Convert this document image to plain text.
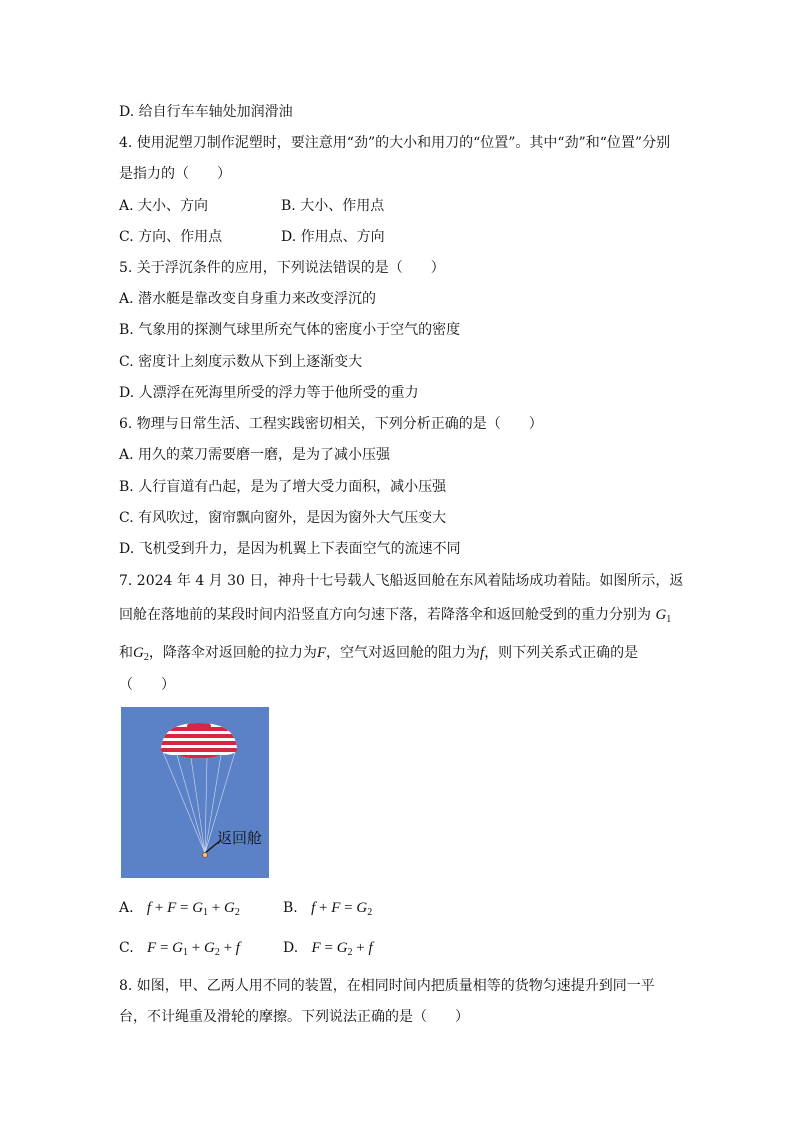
D. 给自行车车轴处加润滑油
4. 使用泥塑刀制作泥塑时，要注意用“劲”的大小和用刀的“位置”。其中“劲”和“位置”分别
是指力的（　　）
A. 大小、方向	B. 大小、作用点
C. 方向、作用点	D. 作用点、方向
5. 关于浮沉条件的应用，下列说法错误的是（　　）
A. 潜水艇是靠改变自身重力来改变浮沉的
B. 气象用的探测气球里所充气体的密度小于空气的密度
C. 密度计上刻度示数从下到上逐渐变大
D. 人漂浮在死海里所受的浮力等于他所受的重力
6. 物理与日常生活、工程实践密切相关，下列分析正确的是（　　）
A. 用久的菜刀需要磨一磨，是为了减小压强
B. 人行盲道有凸起，是为了增大受力面积，减小压强
C. 有风吹过，窗帘飘向窗外，是因为窗外大气压变大
D. 飞机受到升力，是因为机翼上下表面空气的流速不同
7. 2024 年 4 月 30 日，神舟十七号载人飞船返回舱在东风着陆场成功着陆。如图所示，返
回舱在落地前的某段时间内沿竖直方向匀速下落，若降落伞和返回舱受到的重力分别为 $G_1$
和$G_2$，降落伞对返回舱的拉力为F，空气对返回舱的阻力为f，则下列关系式正确的是
（　　）
返回舱
A. $f + F = G_1 + G_2$	B. $f + F = G_2$
C. $F = G_1 + G_2 + f$	D. $F = G_2 + f$
8. 如图，甲、乙两人用不同的装置，在相同时间内把质量相等的货物匀速提升到同一平
台，不计绳重及滑轮的摩擦。下列说法正确的是（　　）
